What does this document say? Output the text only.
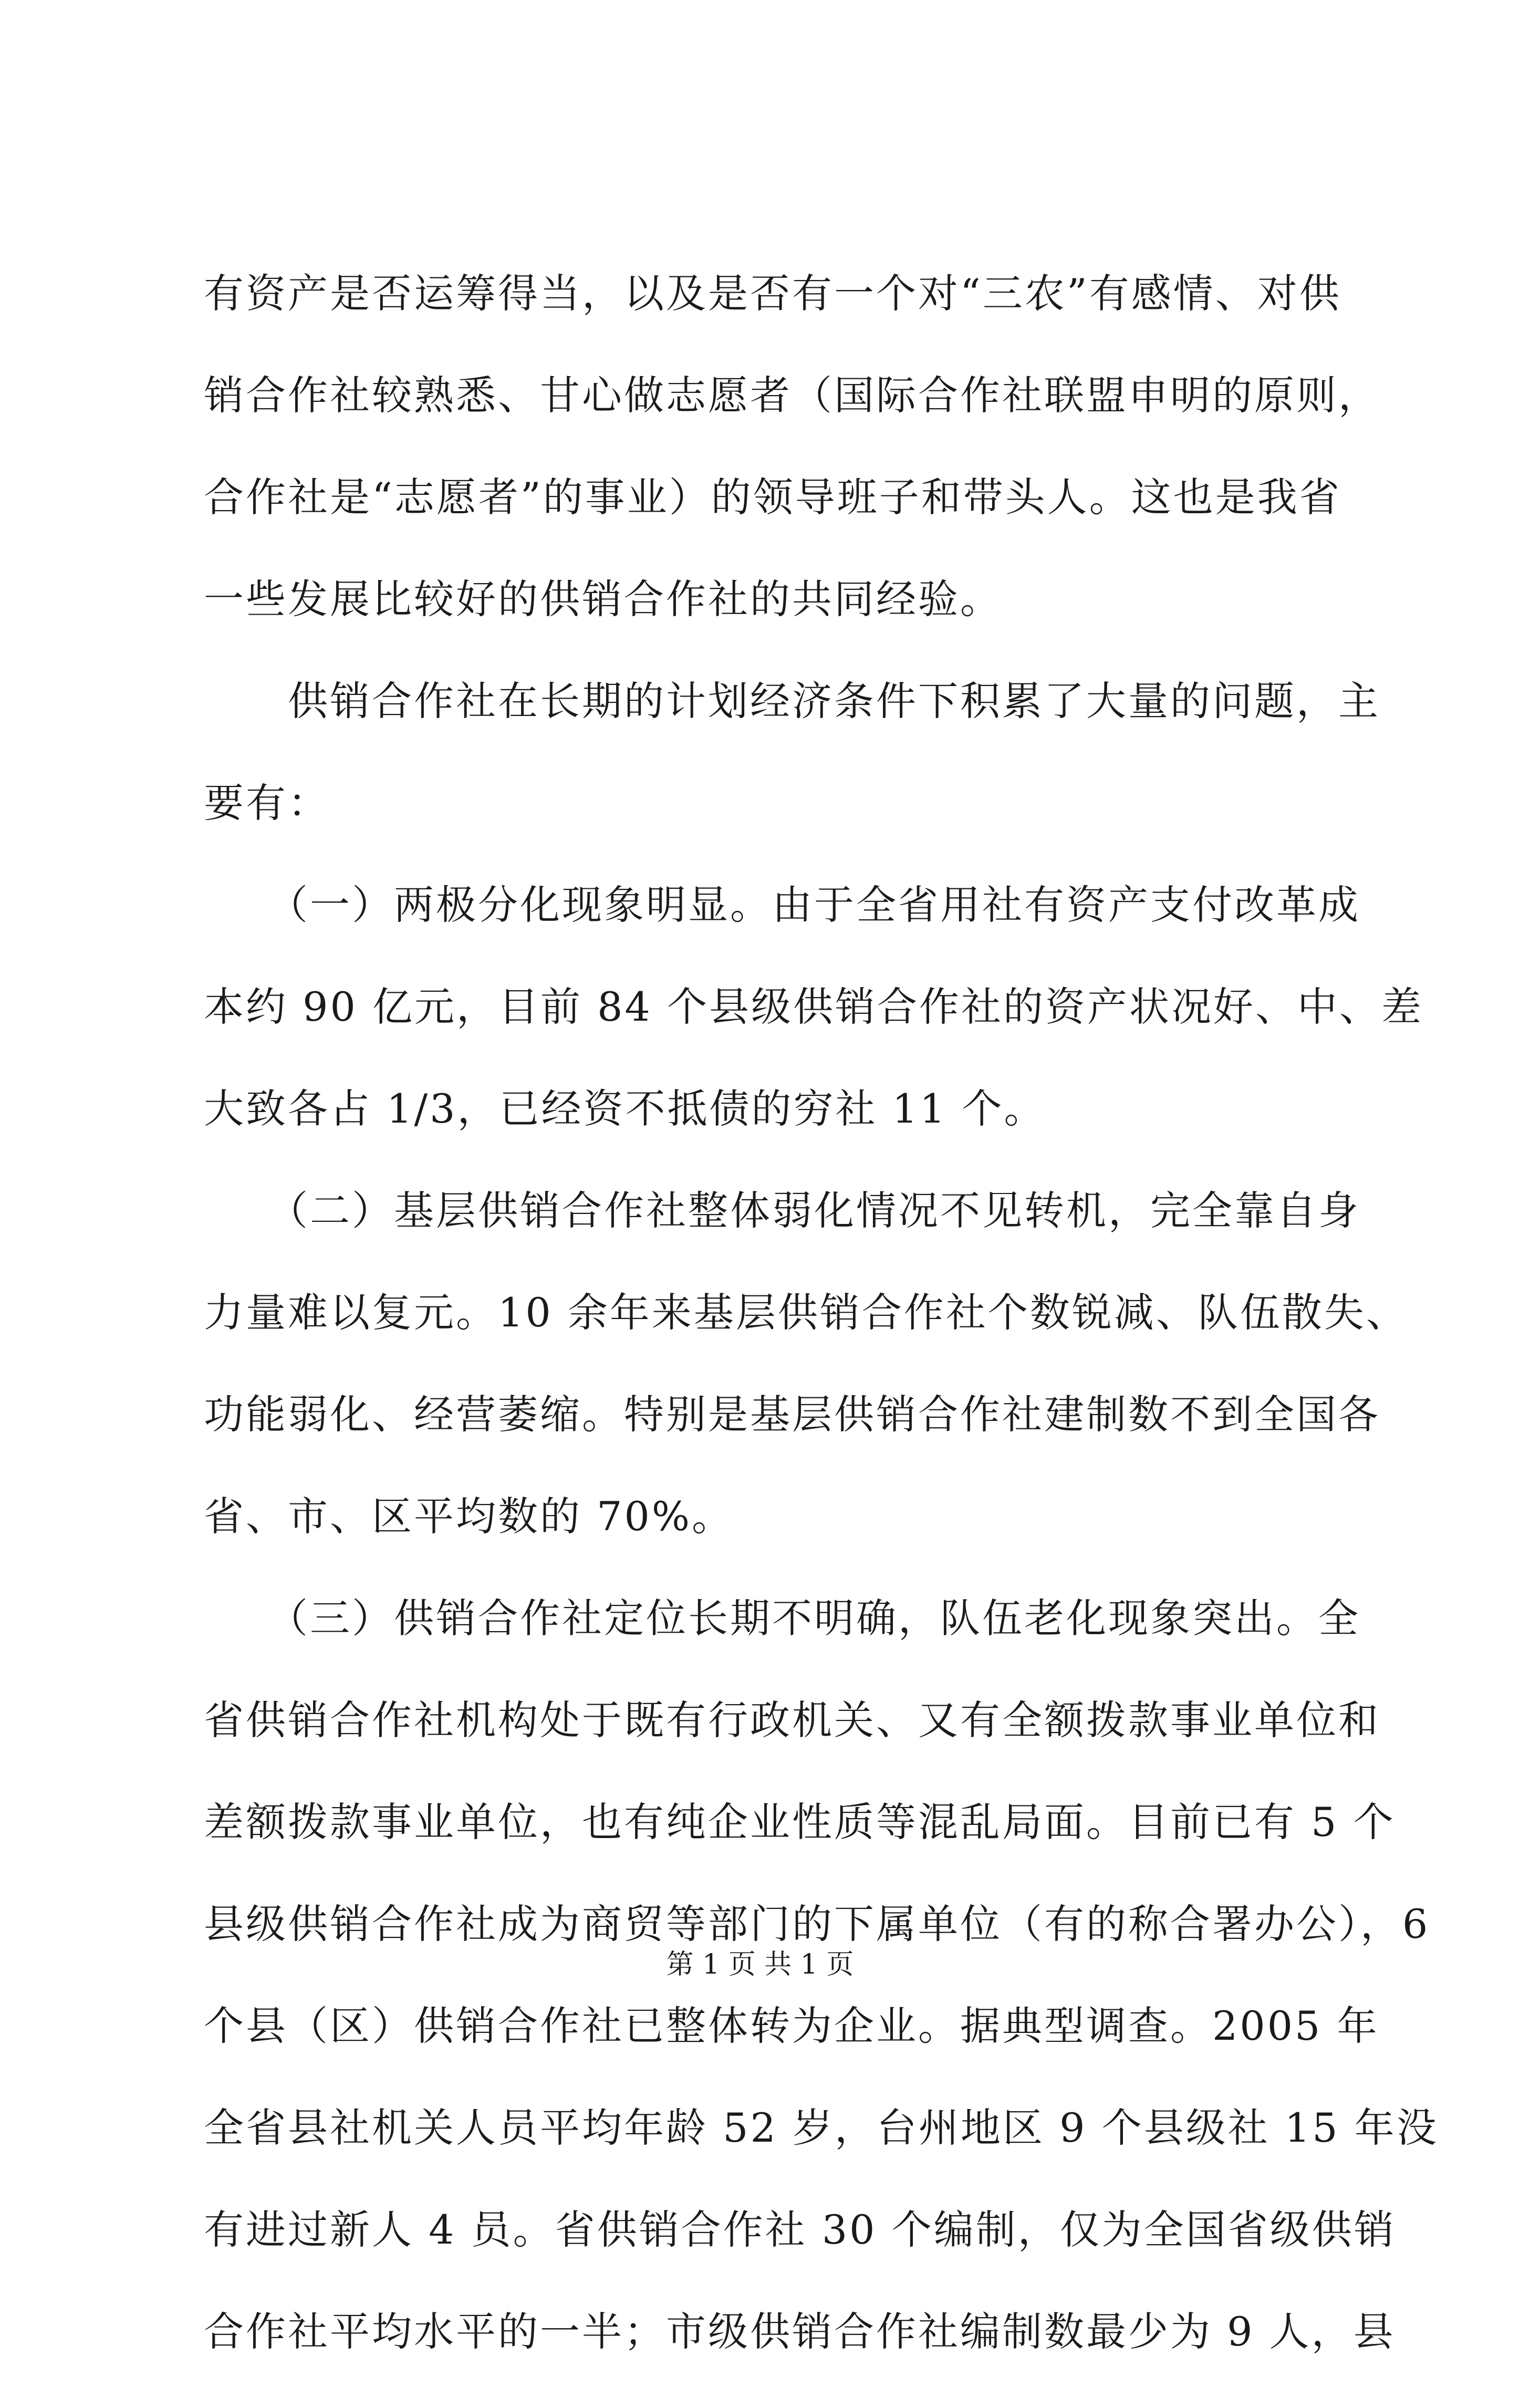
有资产是否运筹得当，以及是否有一个对“三农”有感情、对供
销合作社较熟悉、甘心做志愿者（国际合作社联盟申明的原则，
合作社是“志愿者”的事业）的领导班子和带头人。这也是我省
一些发展比较好的供销合作社的共同经验。
　　供销合作社在长期的计划经济条件下积累了大量的问题，主
要有：
　　（一）两极分化现象明显。由于全省用社有资产支付改革成
本约 90 亿元，目前 84 个县级供销合作社的资产状况好、中、差
大致各占 1/3，已经资不抵债的穷社 11 个。
　　（二）基层供销合作社整体弱化情况不见转机，完全靠自身
力量难以复元。10 余年来基层供销合作社个数锐减、队伍散失、
功能弱化、经营萎缩。特别是基层供销合作社建制数不到全国各
省、市、区平均数的 70%。
　　（三）供销合作社定位长期不明确，队伍老化现象突出。全
省供销合作社机构处于既有行政机关、又有全额拨款事业单位和
差额拨款事业单位，也有纯企业性质等混乱局面。目前已有 5 个
县级供销合作社成为商贸等部门的下属单位（有的称合署办公），6
个县（区）供销合作社已整体转为企业。据典型调查。2005 年
全省县社机关人员平均年龄 52 岁，台州地区 9 个县级社 15 年没
有进过新人 4 员。省供销合作社 30 个编制，仅为全国省级供销
合作社平均水平的一半；市级供销合作社编制数最少为 9 人，县
第 1 页 共 1 页
